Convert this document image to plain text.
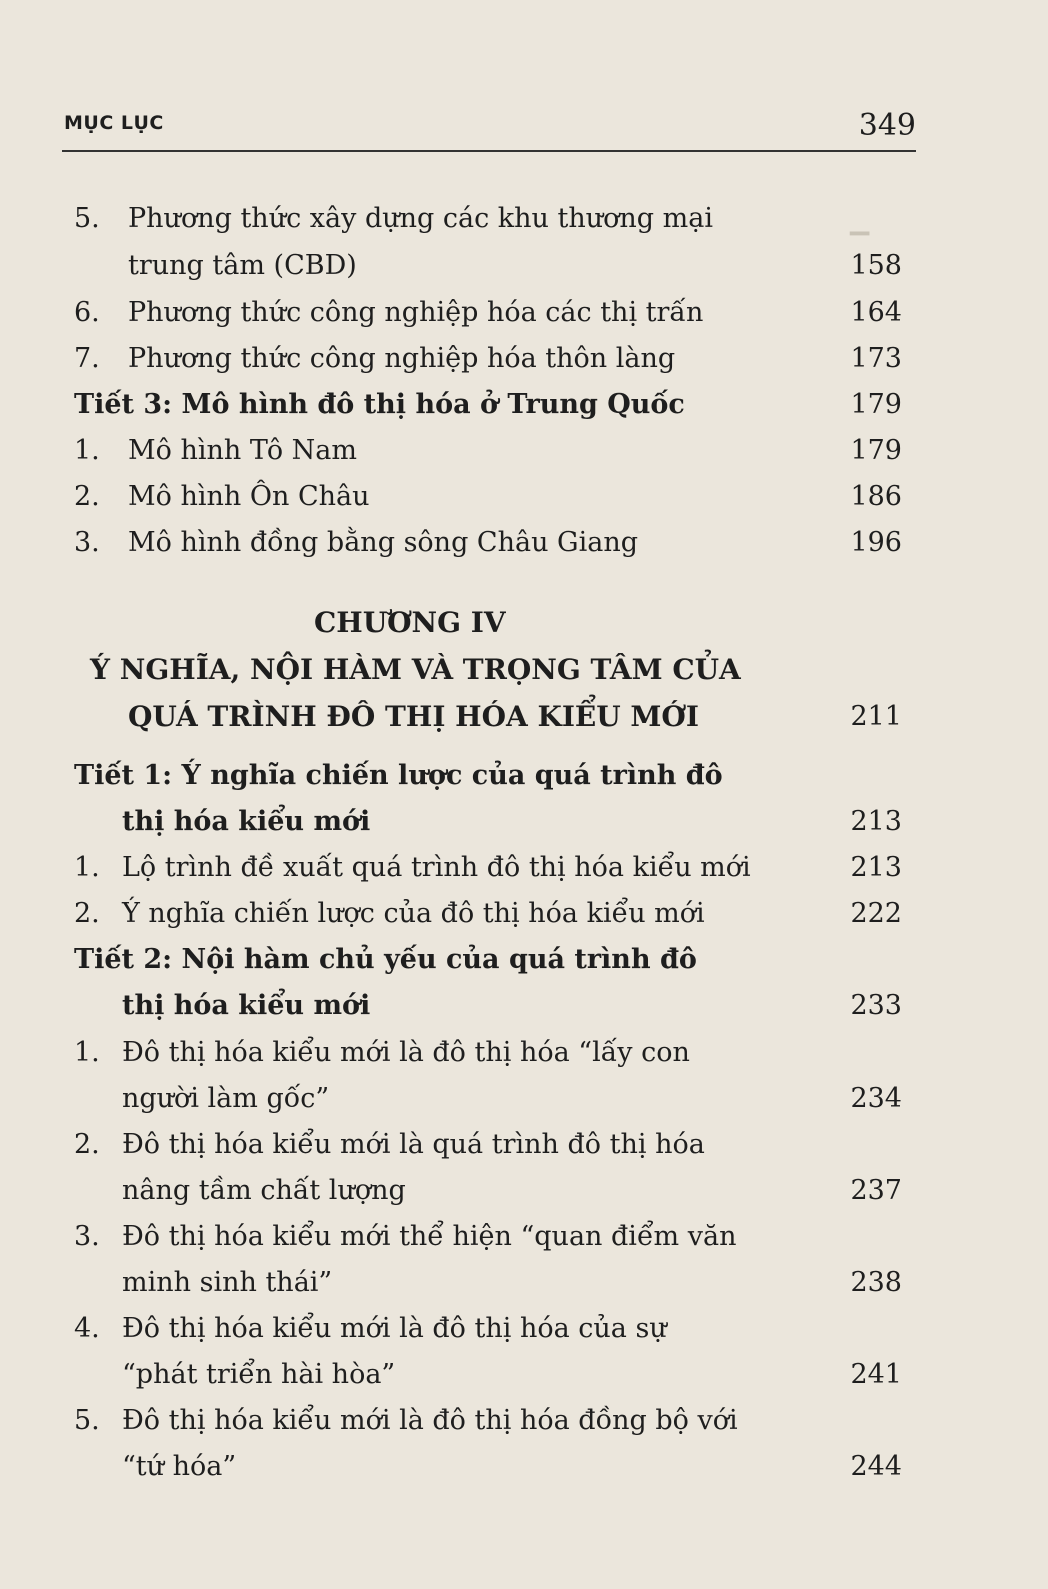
▁
MỤC LỤC	349
5. Phương thức xây dựng các khu thương mại
trung tâm (CBD)	158
6. Phương thức công nghiệp hóa các thị trấn	164
7. Phương thức công nghiệp hóa thôn làng	173
Tiết 3: Mô hình đô thị hóa ở Trung Quốc	179
1. Mô hình Tô Nam	179
2. Mô hình Ôn Châu	186
3. Mô hình đồng bằng sông Châu Giang	196
CHƯƠNG IV
Ý NGHĨA, NỘI HÀM VÀ TRỌNG TÂM CỦA
QUÁ TRÌNH ĐÔ THỊ HÓA KIỂU MỚI	211
Tiết 1: Ý nghĩa chiến lược của quá trình đô
thị hóa kiểu mới	213
1. Lộ trình đề xuất quá trình đô thị hóa kiểu mới	213
2. Ý nghĩa chiến lược của đô thị hóa kiểu mới	222
Tiết 2: Nội hàm chủ yếu của quá trình đô
thị hóa kiểu mới	233
1. Đô thị hóa kiểu mới là đô thị hóa “lấy con
người làm gốc”	234
2. Đô thị hóa kiểu mới là quá trình đô thị hóa
nâng tầm chất lượng	237
3. Đô thị hóa kiểu mới thể hiện “quan điểm văn
minh sinh thái”	238
4. Đô thị hóa kiểu mới là đô thị hóa của sự
“phát triển hài hòa”	241
5. Đô thị hóa kiểu mới là đô thị hóa đồng bộ với
“tứ hóa”	244
